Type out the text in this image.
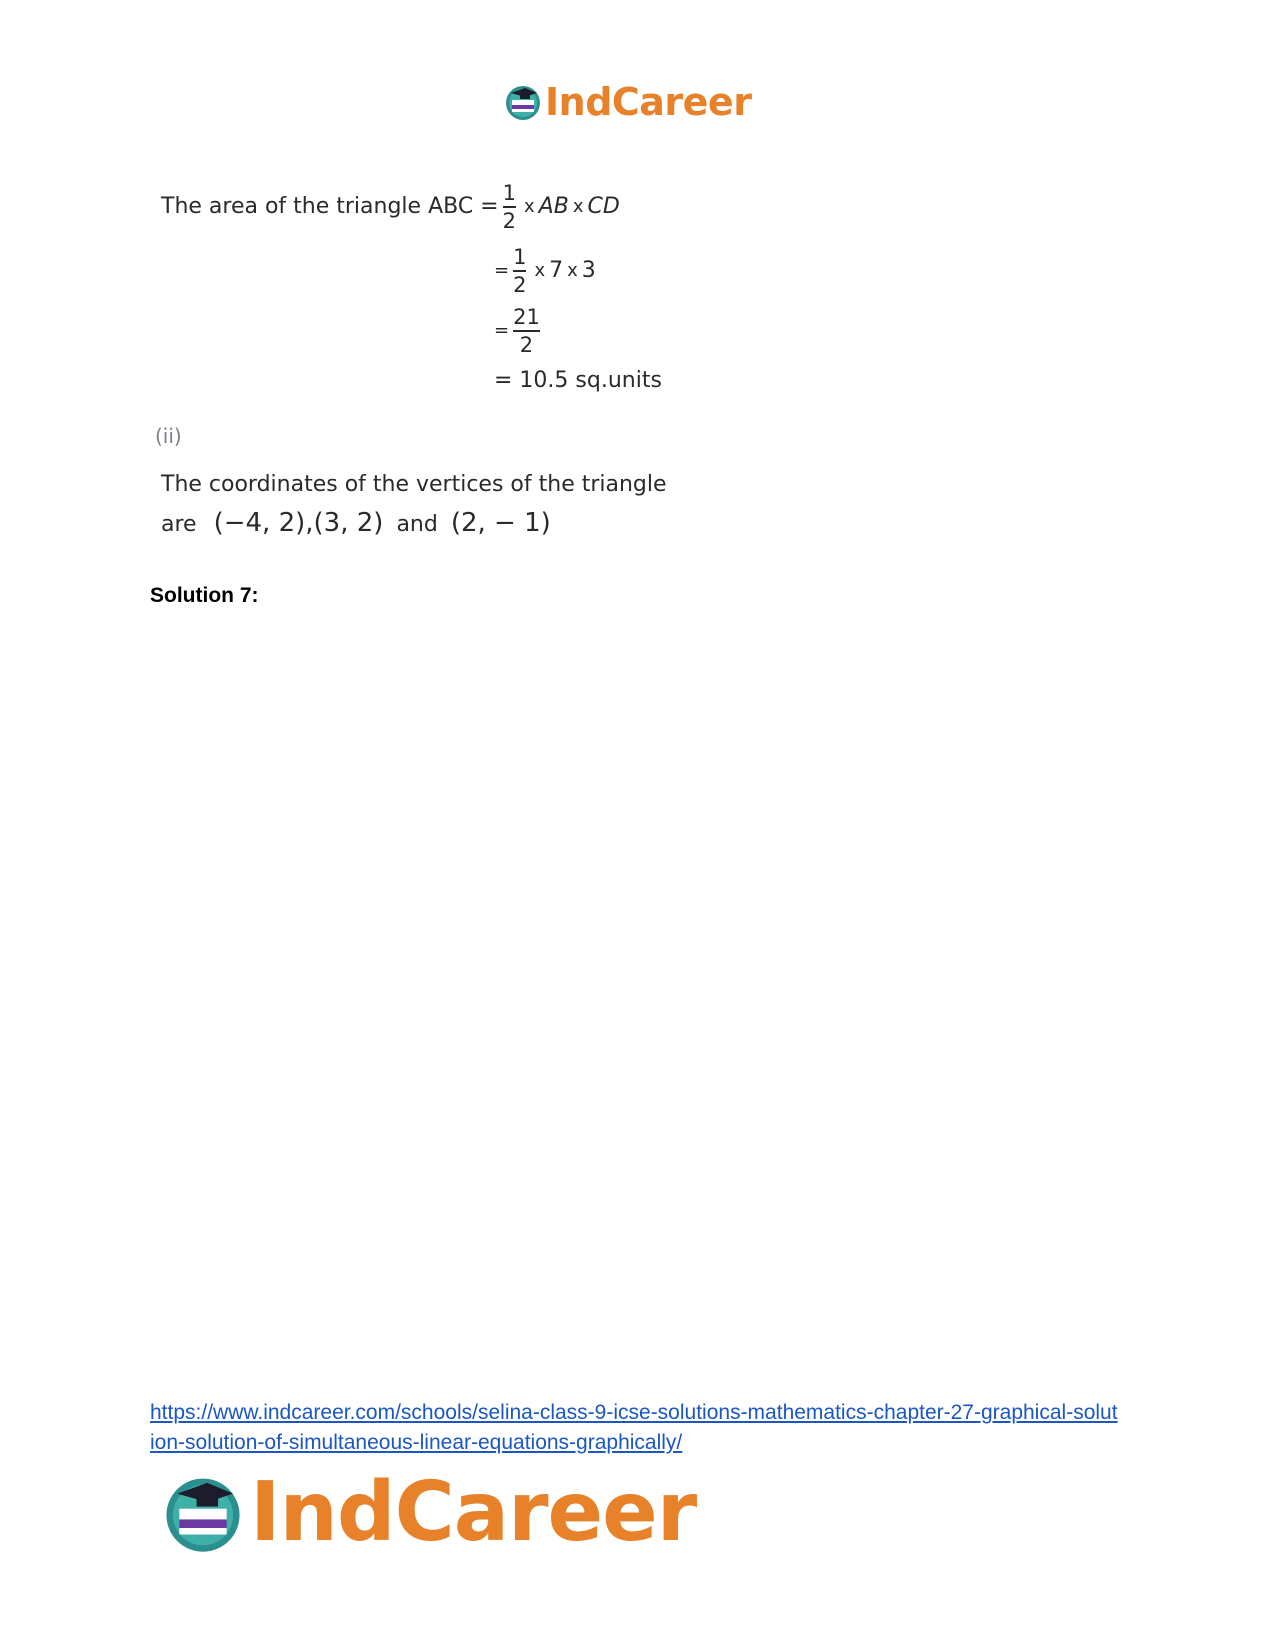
IndCareer
The area of the triangle ABC = $\frac{1}{2}$ x AB x CD
= $\frac{1}{2}$ x 7 x 3
= $\frac{21}{2}$
= 10.5 sq.units
(ii)
The coordinates of the vertices of the triangle
are (−4, 2),(3, 2) and (2, − 1)
Solution 7:
https://www.indcareer.com/schools/selina-class-9-icse-solutions-mathematics-chapter-27-graphical-solution-solution-of-simultaneous-linear-equations-graphically/
IndCareer
